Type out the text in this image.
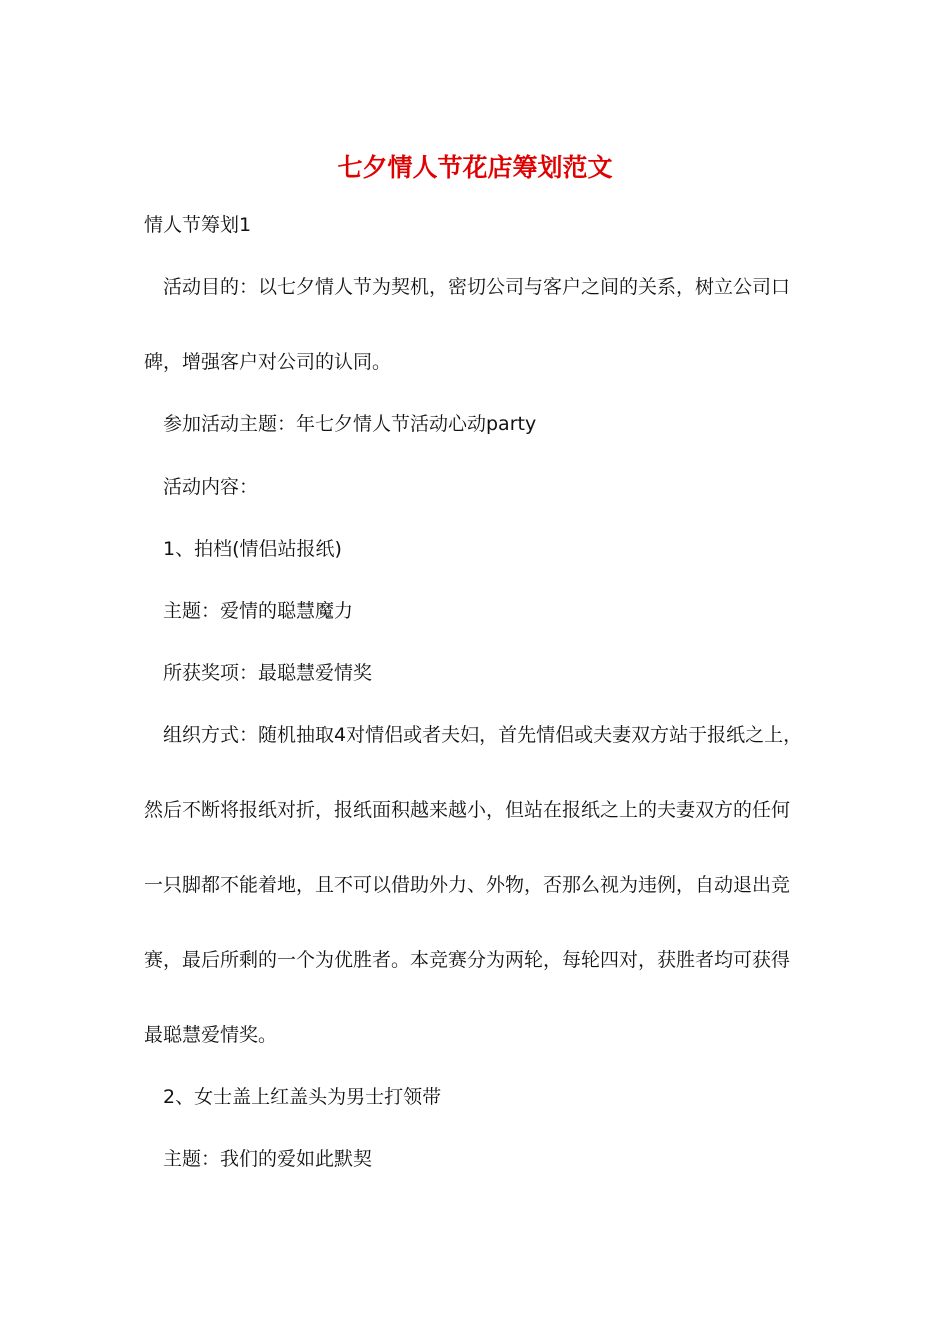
七夕情人节花店筹划范文
情人节筹划1
活动目的：以七夕情人节为契机，密切公司与客户之间的关系，树立公司口碑，增强客户对公司的认同。
参加活动主题：年七夕情人节活动心动party
活动内容：
1、拍档(情侣站报纸)
主题：爱情的聪慧魔力
所获奖项：最聪慧爱情奖
组织方式：随机抽取4对情侣或者夫妇，首先情侣或夫妻双方站于报纸之上，然后不断将报纸对折，报纸面积越来越小，但站在报纸之上的夫妻双方的任何一只脚都不能着地，且不可以借助外力、外物，否那么视为违例，自动退出竞赛，最后所剩的一个为优胜者。本竞赛分为两轮，每轮四对，获胜者均可获得最聪慧爱情奖。
2、女士盖上红盖头为男士打领带
主题：我们的爱如此默契
